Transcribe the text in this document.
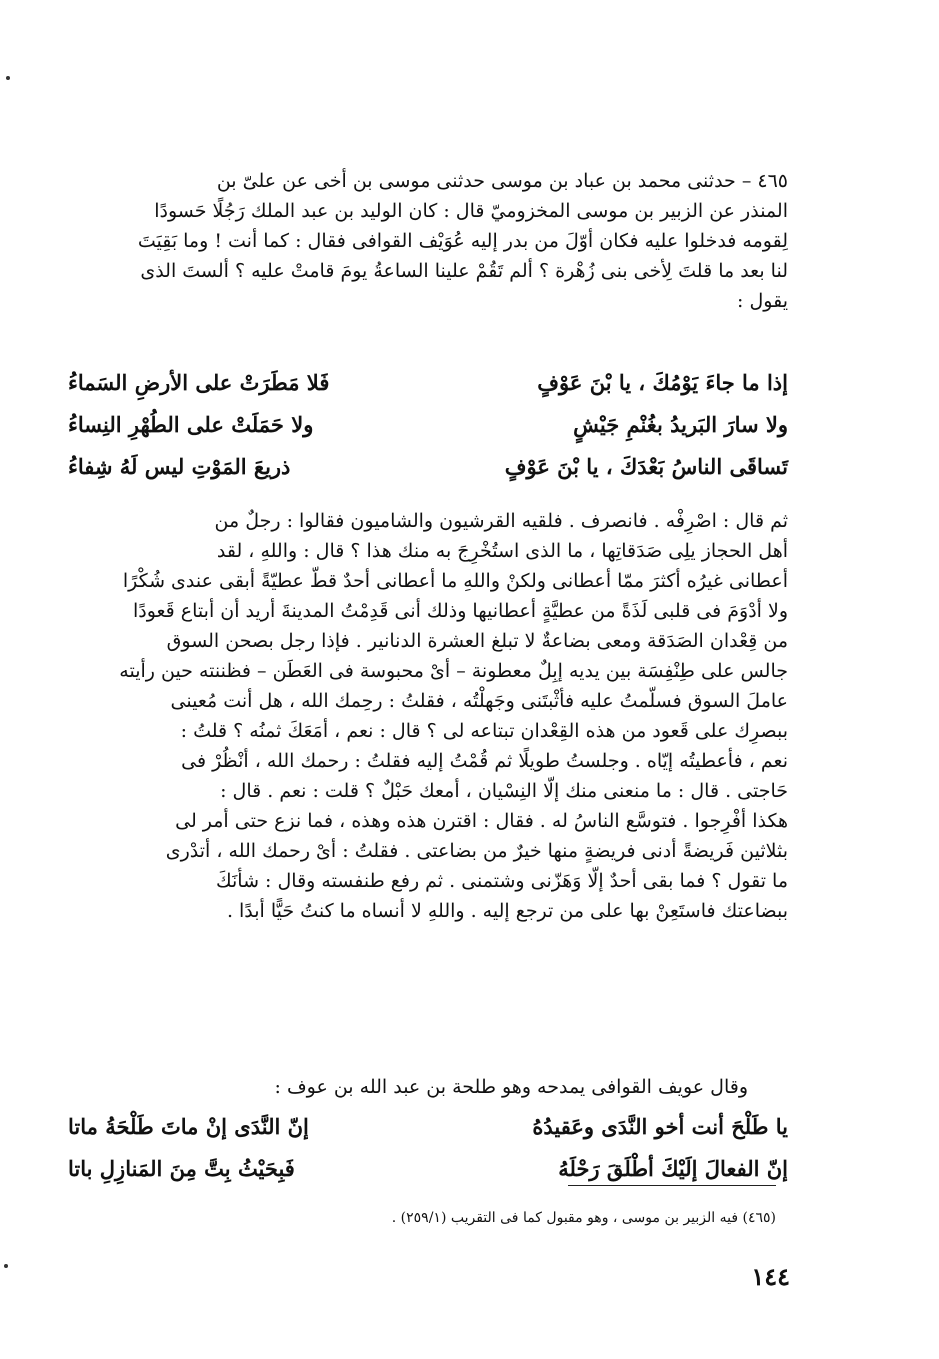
٤٦٥ – حدثنى محمد بن عباد بن موسى حدثنى موسى بن أخى عن علىّ بن
المنذر عن الزبير بن موسى المخزوميّ قال : كان الوليد بن عبد الملك رَجُلًا حَسودًا
لِقومه فدخلوا عليه فكان أوّلَ من بدر إليه عُوَيْف القوافى فقال : كما أنت ! وما بَقِيَتَ
لنا بعد ما قلتَ لِأخى بنى زُهْرة ؟ ألم تَقُمْ علينا الساعةُ يومَ قامتْ عليه ؟ ألستَ الذى
يقول :
إذا ما جاءَ يَوْمُكَ ، يا بْنَ عَوْفٍ
فَلا مَطَرَتْ على الأرضِ السَماءُ
ولا سارَ البَريدُ بغُنْمِ جَيْشٍ
ولا حَمَلَتْ على الطُهْرِ النِساءُ
تَساقَى الناسُ بَعْدَكَ ، يا بْنَ عَوْفٍ
ذريعَ المَوْتِ ليس لَهُ شِفاءُ
ثم قال : اصْرِفْه . فانصرف . فلقيه القرشيون والشاميون فقالوا : رجلٌ من
أهل الحجاز يلِى صَدَقاتِها ، ما الذى استُخْرِجَ به منك هذا ؟ قال : واللهِ ، لقد
أعطانى غيرُه أكثرَ ممّا أعطانى ولكنْ واللهِ ما أعطانى أحدٌ قطّ عطيّةً أبقى عندى شُكْرًا
ولا أدْوَمَ فى قلبى لَذَةً من عطيَّةٍ أعطانيها وذلك أنى قَدِمْتُ المدينةَ أريد أن أبتاع قَعودًا
من قِعْدان الصَدَقة ومعى بضاعةٌ لا تبلغ العشرة الدنانير . فإذا رجل بصحن السوق
جالس على طِنْفِسَة بين يديه إبِلٌ معطونة – أىْ محبوسة فى العَطَن – فظننته حين رأيته
عاملَ السوق فسلّمتُ عليه فأثْبتَنى وجَهلْتُه ، فقلتُ : رحِمك الله ، هل أنت مُعينى
ببصرِك على قَعود من هذه القِعْدان تبتاعه لى ؟ قال : نعم ، أمَعَكَ ثمنُه ؟ قلتُ :
نعم ، فأعطيتُه إيّاه . وجلستُ طويلًا ثم قُمْتُ إليه فقلتُ : رحمك الله ، أنْظُرْ فى
حَاجتى . قال : ما منعنى منك إلّا النِسْيان ، أمعك حَبْلٌ ؟ قلت : نعم . قال :
هكذا أفْرِجوا . فتوسَّع الناسُ له . فقال : اقترن هذه وهذه ، فما نزع حتى أمر لى
بثلاثين فَريضةً أدنى فريضةٍ منها خيرٌ من بضاعتى . فقلتُ : أىْ رحمك الله ، أتدْرى
ما تقول ؟ فما بقى أحدٌ إلّا وَهَزّنى وشتمنى . ثم رفع طنفسته وقال : شأنَكَ
ببضاعتك فاستَعِنْ بها على من ترجع إليه . واللهِ لا أنساه ما كنتُ حَيًّا أبدًا .
وقال عويف القوافى يمدحه وهو طلحة بن عبد الله بن عوف :
يا طَلْحَ أنت أخو النَّدَى وعَقيدُهُ
إنّ النَّدَى إنْ ماتَ طَلْحَةُ ماتا
إنّ الفعالَ إلَيْكَ أطْلَقَ رَحْلَهُ
فَبِحَيْثُ بِتَّ مِنَ المَنازِلِ باتا
(٤٦٥) فيه الزبير بن موسى ، وهو مقبول كما فى التقريب (٢٥٩/١) .
١٤٤
